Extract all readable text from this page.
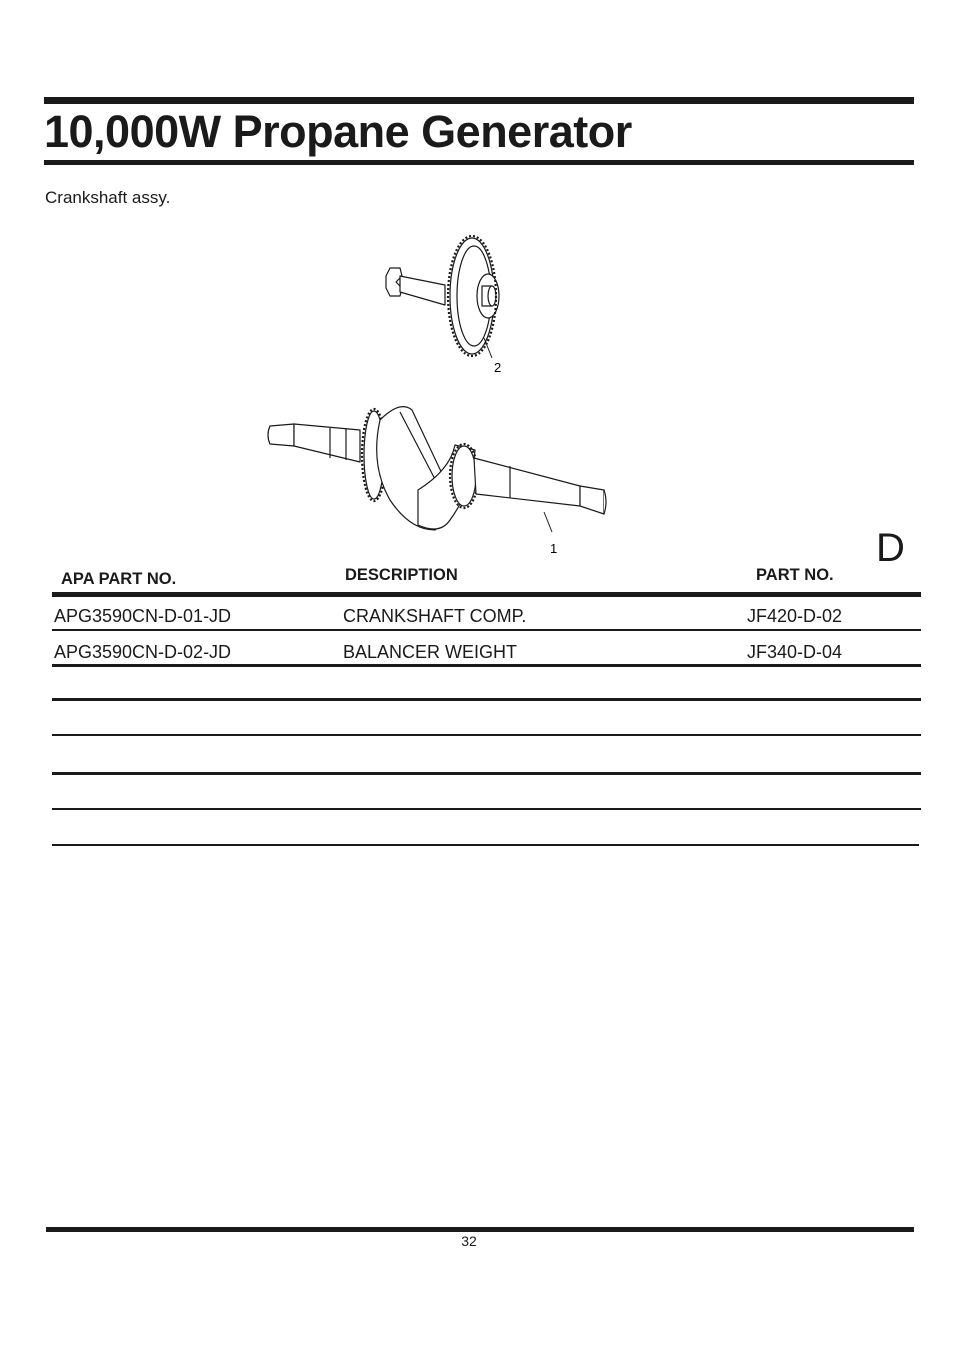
10,000W Propane Generator
Crankshaft assy.
2
1	D
APA PART NO.	DESCRIPTION	PART NO.
APG3590CN-D-01-JD	CRANKSHAFT COMP.	JF420-D-02
APG3590CN-D-02-JD	BALANCER WEIGHT	JF340-D-04
32
